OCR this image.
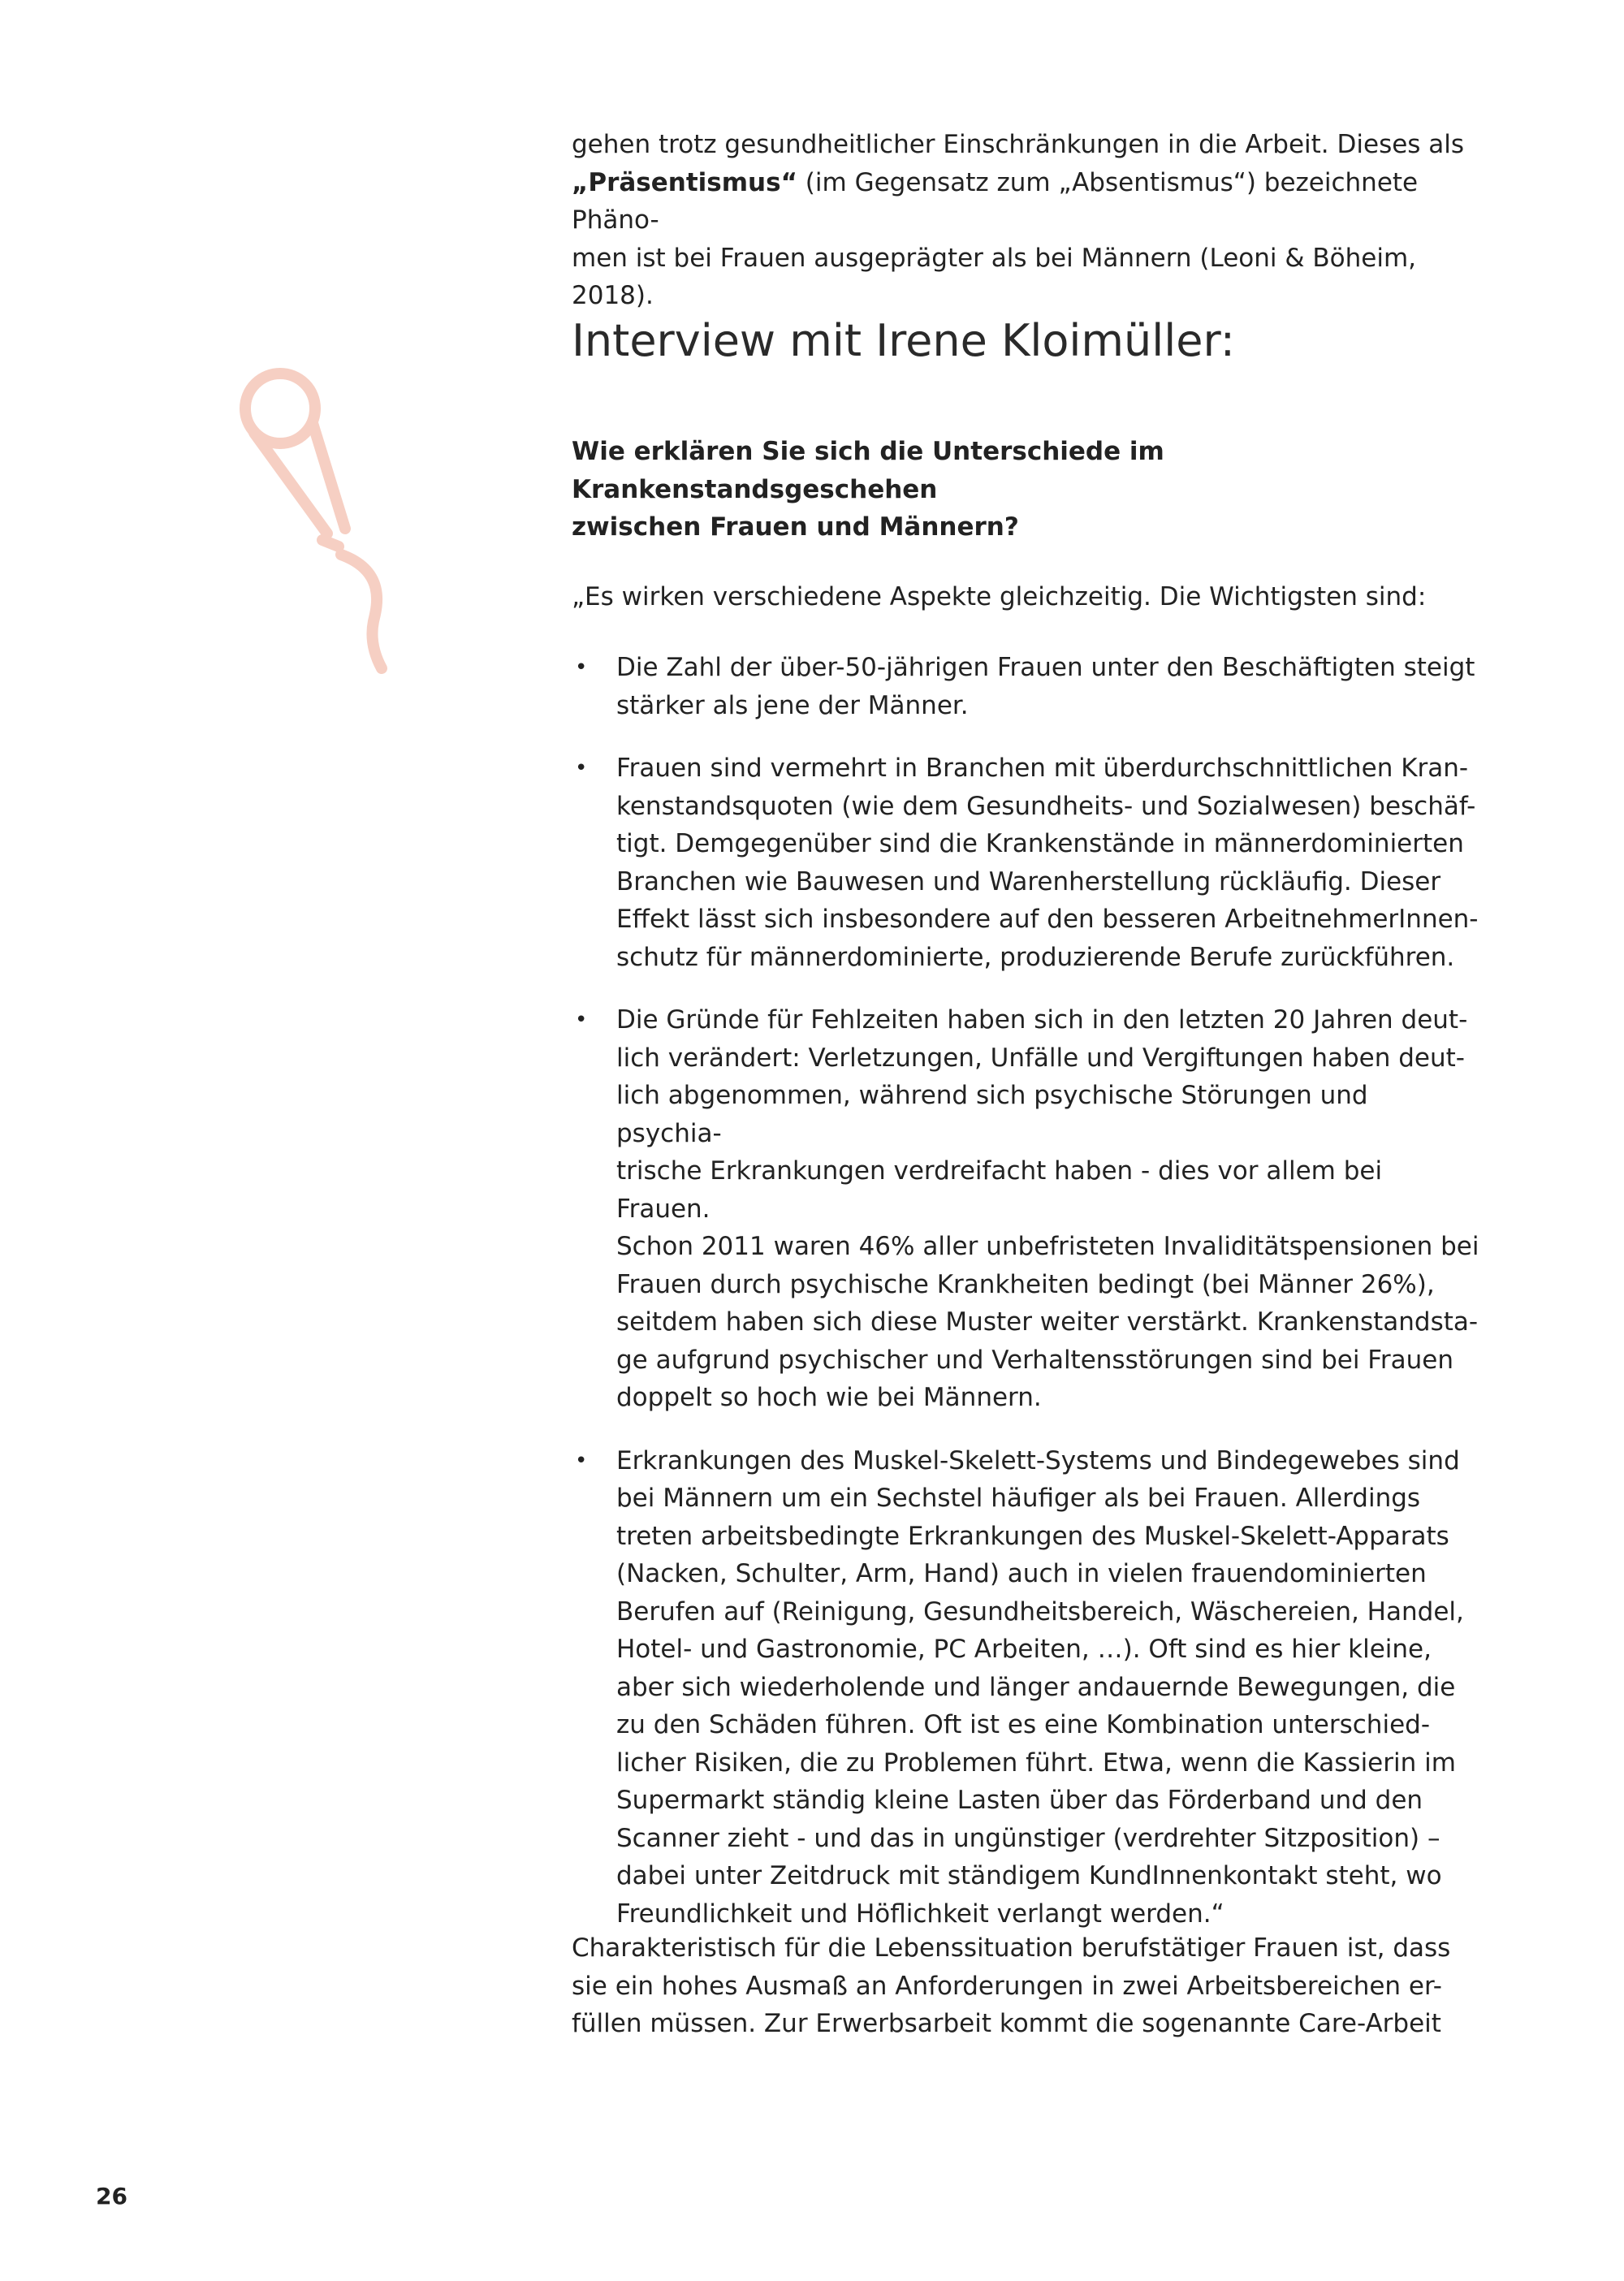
gehen trotz gesundheitlicher Einschränkungen in die Arbeit. Dieses als
„Präsentismus“ (im Gegensatz zum „Absentismus“) bezeichnete Phäno-
men ist bei Frauen ausgeprägter als bei Männern (Leoni & Böheim, 2018).

Interview mit Irene Kloimüller:

Wie erklären Sie sich die Unterschiede im Krankenstandsgeschehen
zwischen Frauen und Männern?

„Es wirken verschiedene Aspekte gleichzeitig. Die Wichtigsten sind:

• Die Zahl der über-50-jährigen Frauen unter den Beschäftigten steigt
stärker als jene der Männer.
• Frauen sind vermehrt in Branchen mit überdurchschnittlichen Kran-
kenstandsquoten (wie dem Gesundheits- und Sozialwesen) beschäf-
tigt. Demgegenüber sind die Krankenstände in männerdominierten
Branchen wie Bauwesen und Warenherstellung rückläufig. Dieser
Effekt lässt sich insbesondere auf den besseren ArbeitnehmerInnen-
schutz für männerdominierte, produzierende Berufe zurückführen.
• Die Gründe für Fehlzeiten haben sich in den letzten 20 Jahren deut-
lich verändert: Verletzungen, Unfälle und Vergiftungen haben deut-
lich abgenommen, während sich psychische Störungen und psychia-
trische Erkrankungen verdreifacht haben - dies vor allem bei Frauen.
Schon 2011 waren 46% aller unbefristeten Invaliditätspensionen bei
Frauen durch psychische Krankheiten bedingt (bei Männer 26%),
seitdem haben sich diese Muster weiter verstärkt. Krankenstandsta-
ge aufgrund psychischer und Verhaltensstörungen sind bei Frauen
doppelt so hoch wie bei Männern.
• Erkrankungen des Muskel-Skelett-Systems und Bindegewebes sind
bei Männern um ein Sechstel häufiger als bei Frauen. Allerdings
treten arbeitsbedingte Erkrankungen des Muskel-Skelett-Apparats
(Nacken, Schulter, Arm, Hand) auch in vielen frauendominierten
Berufen auf (Reinigung, Gesundheitsbereich, Wäschereien, Handel,
Hotel- und Gastronomie, PC Arbeiten, …). Oft sind es hier kleine,
aber sich wiederholende und länger andauernde Bewegungen, die
zu den Schäden führen. Oft ist es eine Kombination unterschied-
licher Risiken, die zu Problemen führt. Etwa, wenn die Kassierin im
Supermarkt ständig kleine Lasten über das Förderband und den
Scanner zieht - und das in ungünstiger (verdrehter Sitzposition) –
dabei unter Zeitdruck mit ständigem KundInnenkontakt steht, wo
Freundlichkeit und Höflichkeit verlangt werden.“

Charakteristisch für die Lebenssituation berufstätiger Frauen ist, dass
sie ein hohes Ausmaß an Anforderungen in zwei Arbeitsbereichen er-
füllen müssen. Zur Erwerbsarbeit kommt die sogenannte Care-Arbeit

26
